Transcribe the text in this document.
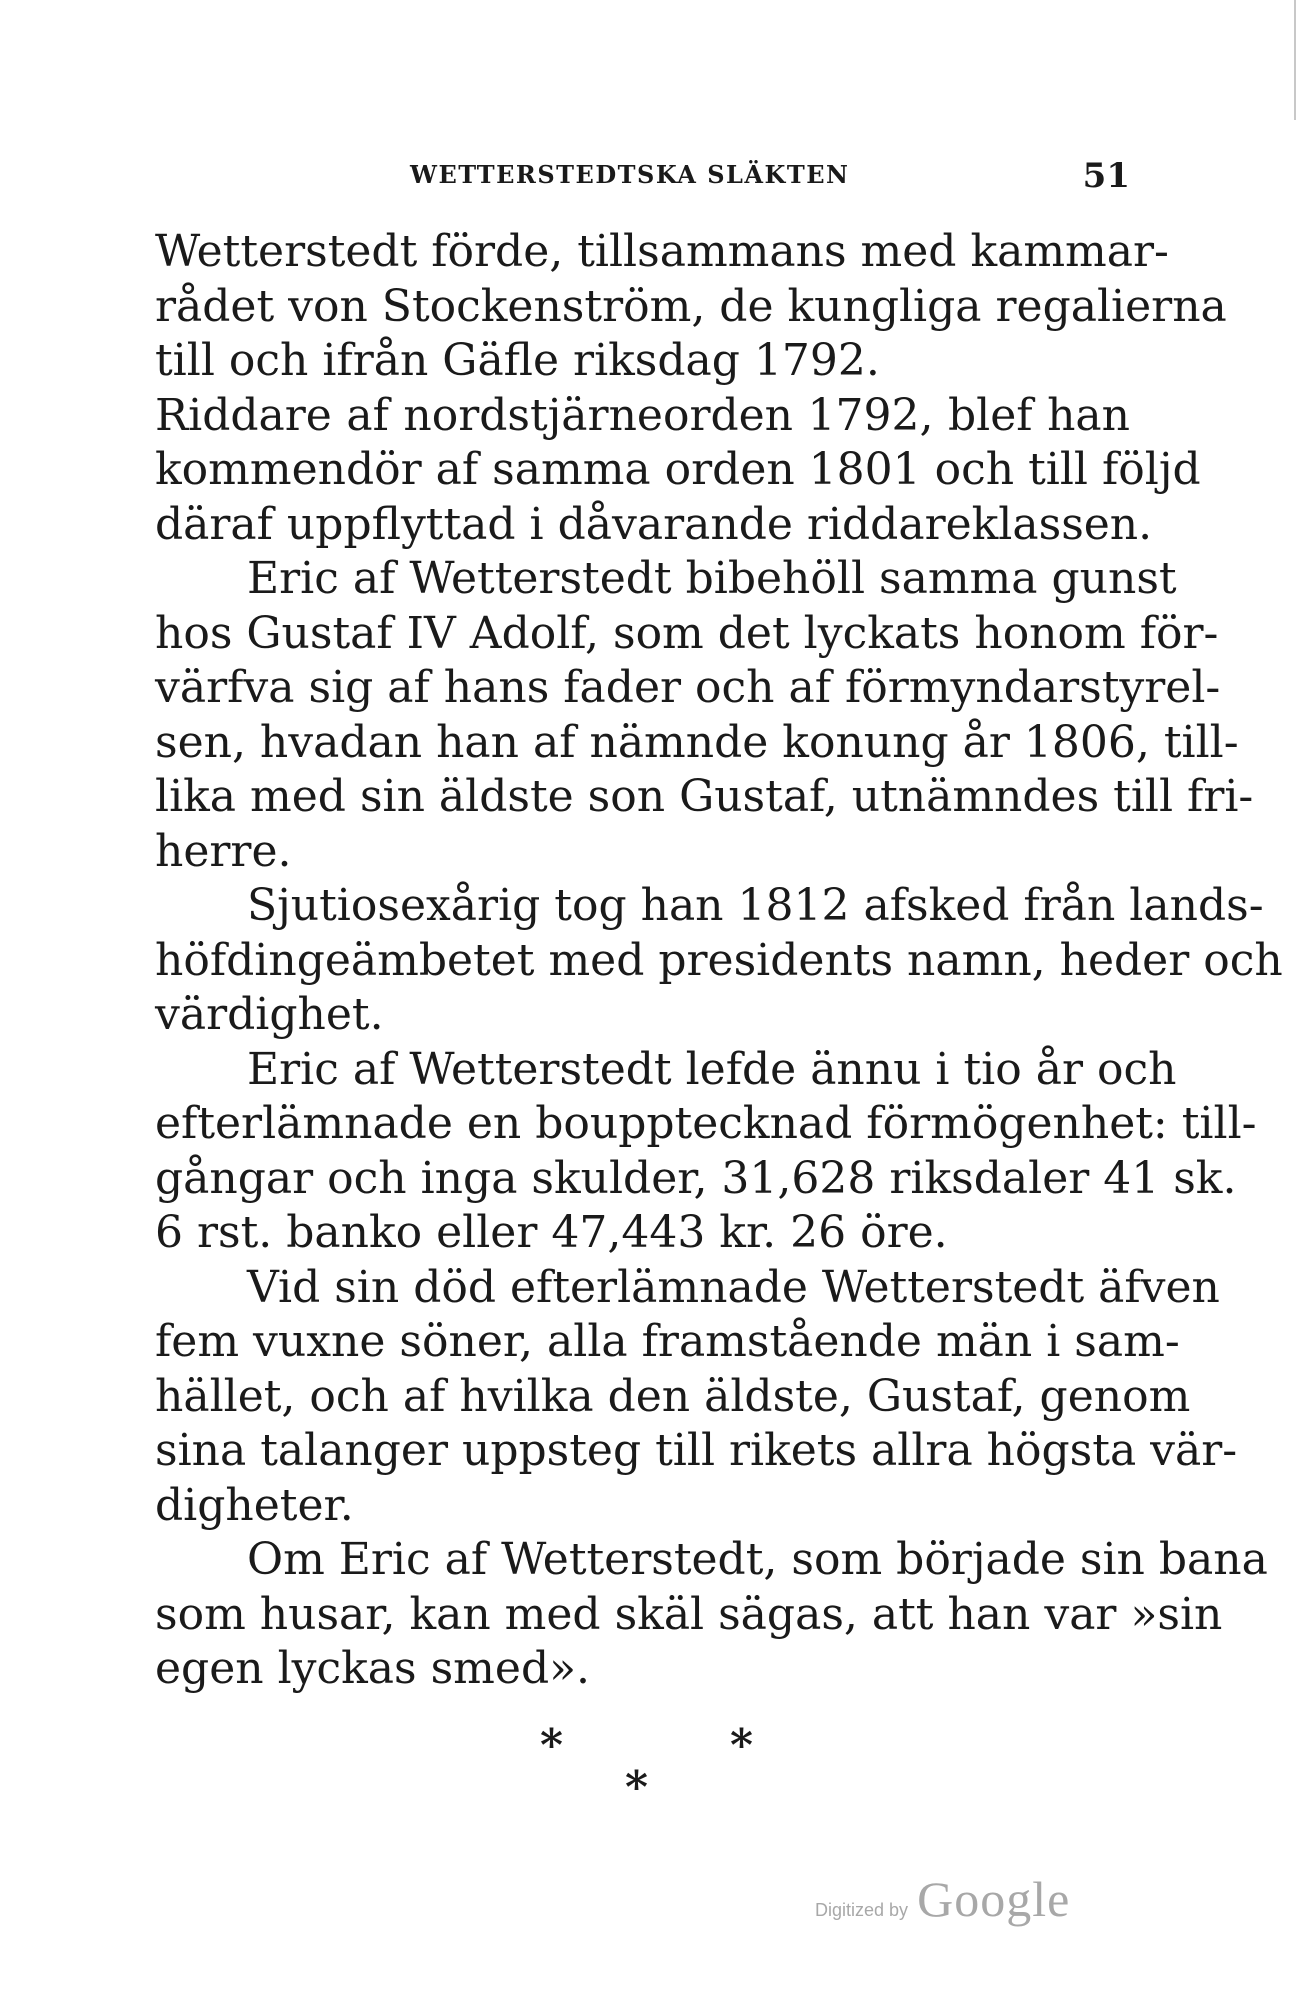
WETTERSTEDTSKA SLÄKTEN	51
Wetterstedt förde, tillsammans med kammar-
rådet von Stockenström, de kungliga regalierna
till och ifrån Gäfle riksdag 1792.
Riddare af nordstjärneorden 1792, blef han
kommendör af samma orden 1801 och till följd
däraf uppflyttad i dåvarande riddareklassen.
Eric af Wetterstedt bibehöll samma gunst
hos Gustaf IV Adolf, som det lyckats honom för-
värfva sig af hans fader och af förmyndarstyrel-
sen, hvadan han af nämnde konung år 1806, till-
lika med sin äldste son Gustaf, utnämndes till fri-
herre.
Sjutiosexårig tog han 1812 afsked från lands-
höfdingeämbetet med presidents namn, heder och
värdighet.
Eric af Wetterstedt lefde ännu i tio år och
efterlämnade en boupptecknad förmögenhet: till-
gångar och inga skulder, 31,628 riksdaler 41 sk.
6 rst. banko eller 47,443 kr. 26 öre.
Vid sin död efterlämnade Wetterstedt äfven
fem vuxne söner, alla framstående män i sam-
hället, och af hvilka den äldste, Gustaf, genom
sina talanger uppsteg till rikets allra högsta vär-
digheter.
Om Eric af Wetterstedt, som började sin bana
som husar, kan med skäl sägas, att han var »sin
egen lyckas smed».
*	*
*
Digitized by Google
